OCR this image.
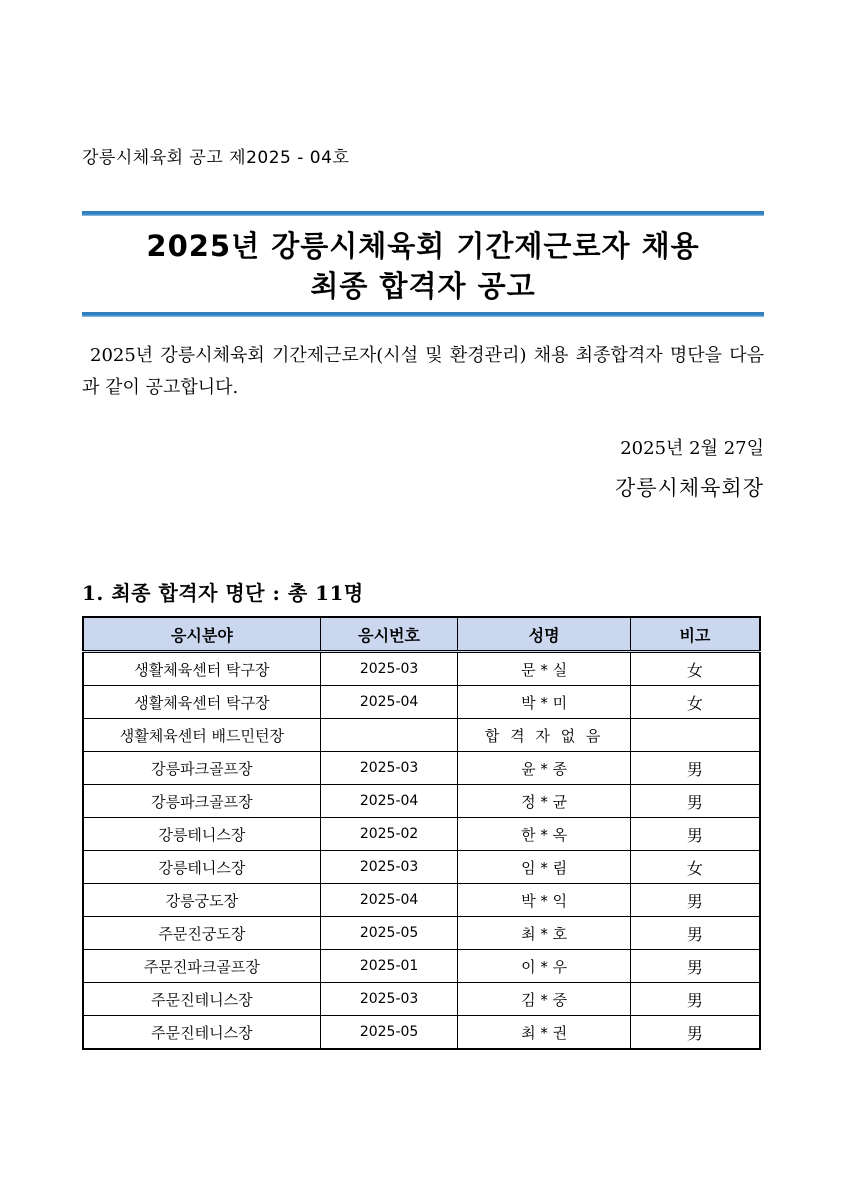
강릉시체육회 공고 제2025 - 04호
2025년 강릉시체육회 기간제근로자 채용
최종 합격자 공고
2025년 강릉시체육회 기간제근로자(시설 및 환경관리) 채용 최종합격자 명단을 다음과 같이 공고합니다.
2025년 2월 27일
강릉시체육회장
1. 최종 합격자 명단 : 총 11명
응시분야	응시번호	성명	비고
생활체육센터 탁구장	2025-03	문 * 실	女
생활체육센터 탁구장	2025-04	박 * 미	女
생활체육센터 배드민턴장		합 격 자 없 음	
강릉파크골프장	2025-03	윤 * 종	男
강릉파크골프장	2025-04	정 * 균	男
강릉테니스장	2025-02	한 * 옥	男
강릉테니스장	2025-03	임 * 림	女
강릉궁도장	2025-04	박 * 익	男
주문진궁도장	2025-05	최 * 호	男
주문진파크골프장	2025-01	이 * 우	男
주문진테니스장	2025-03	김 * 중	男
주문진테니스장	2025-05	최 * 권	男
